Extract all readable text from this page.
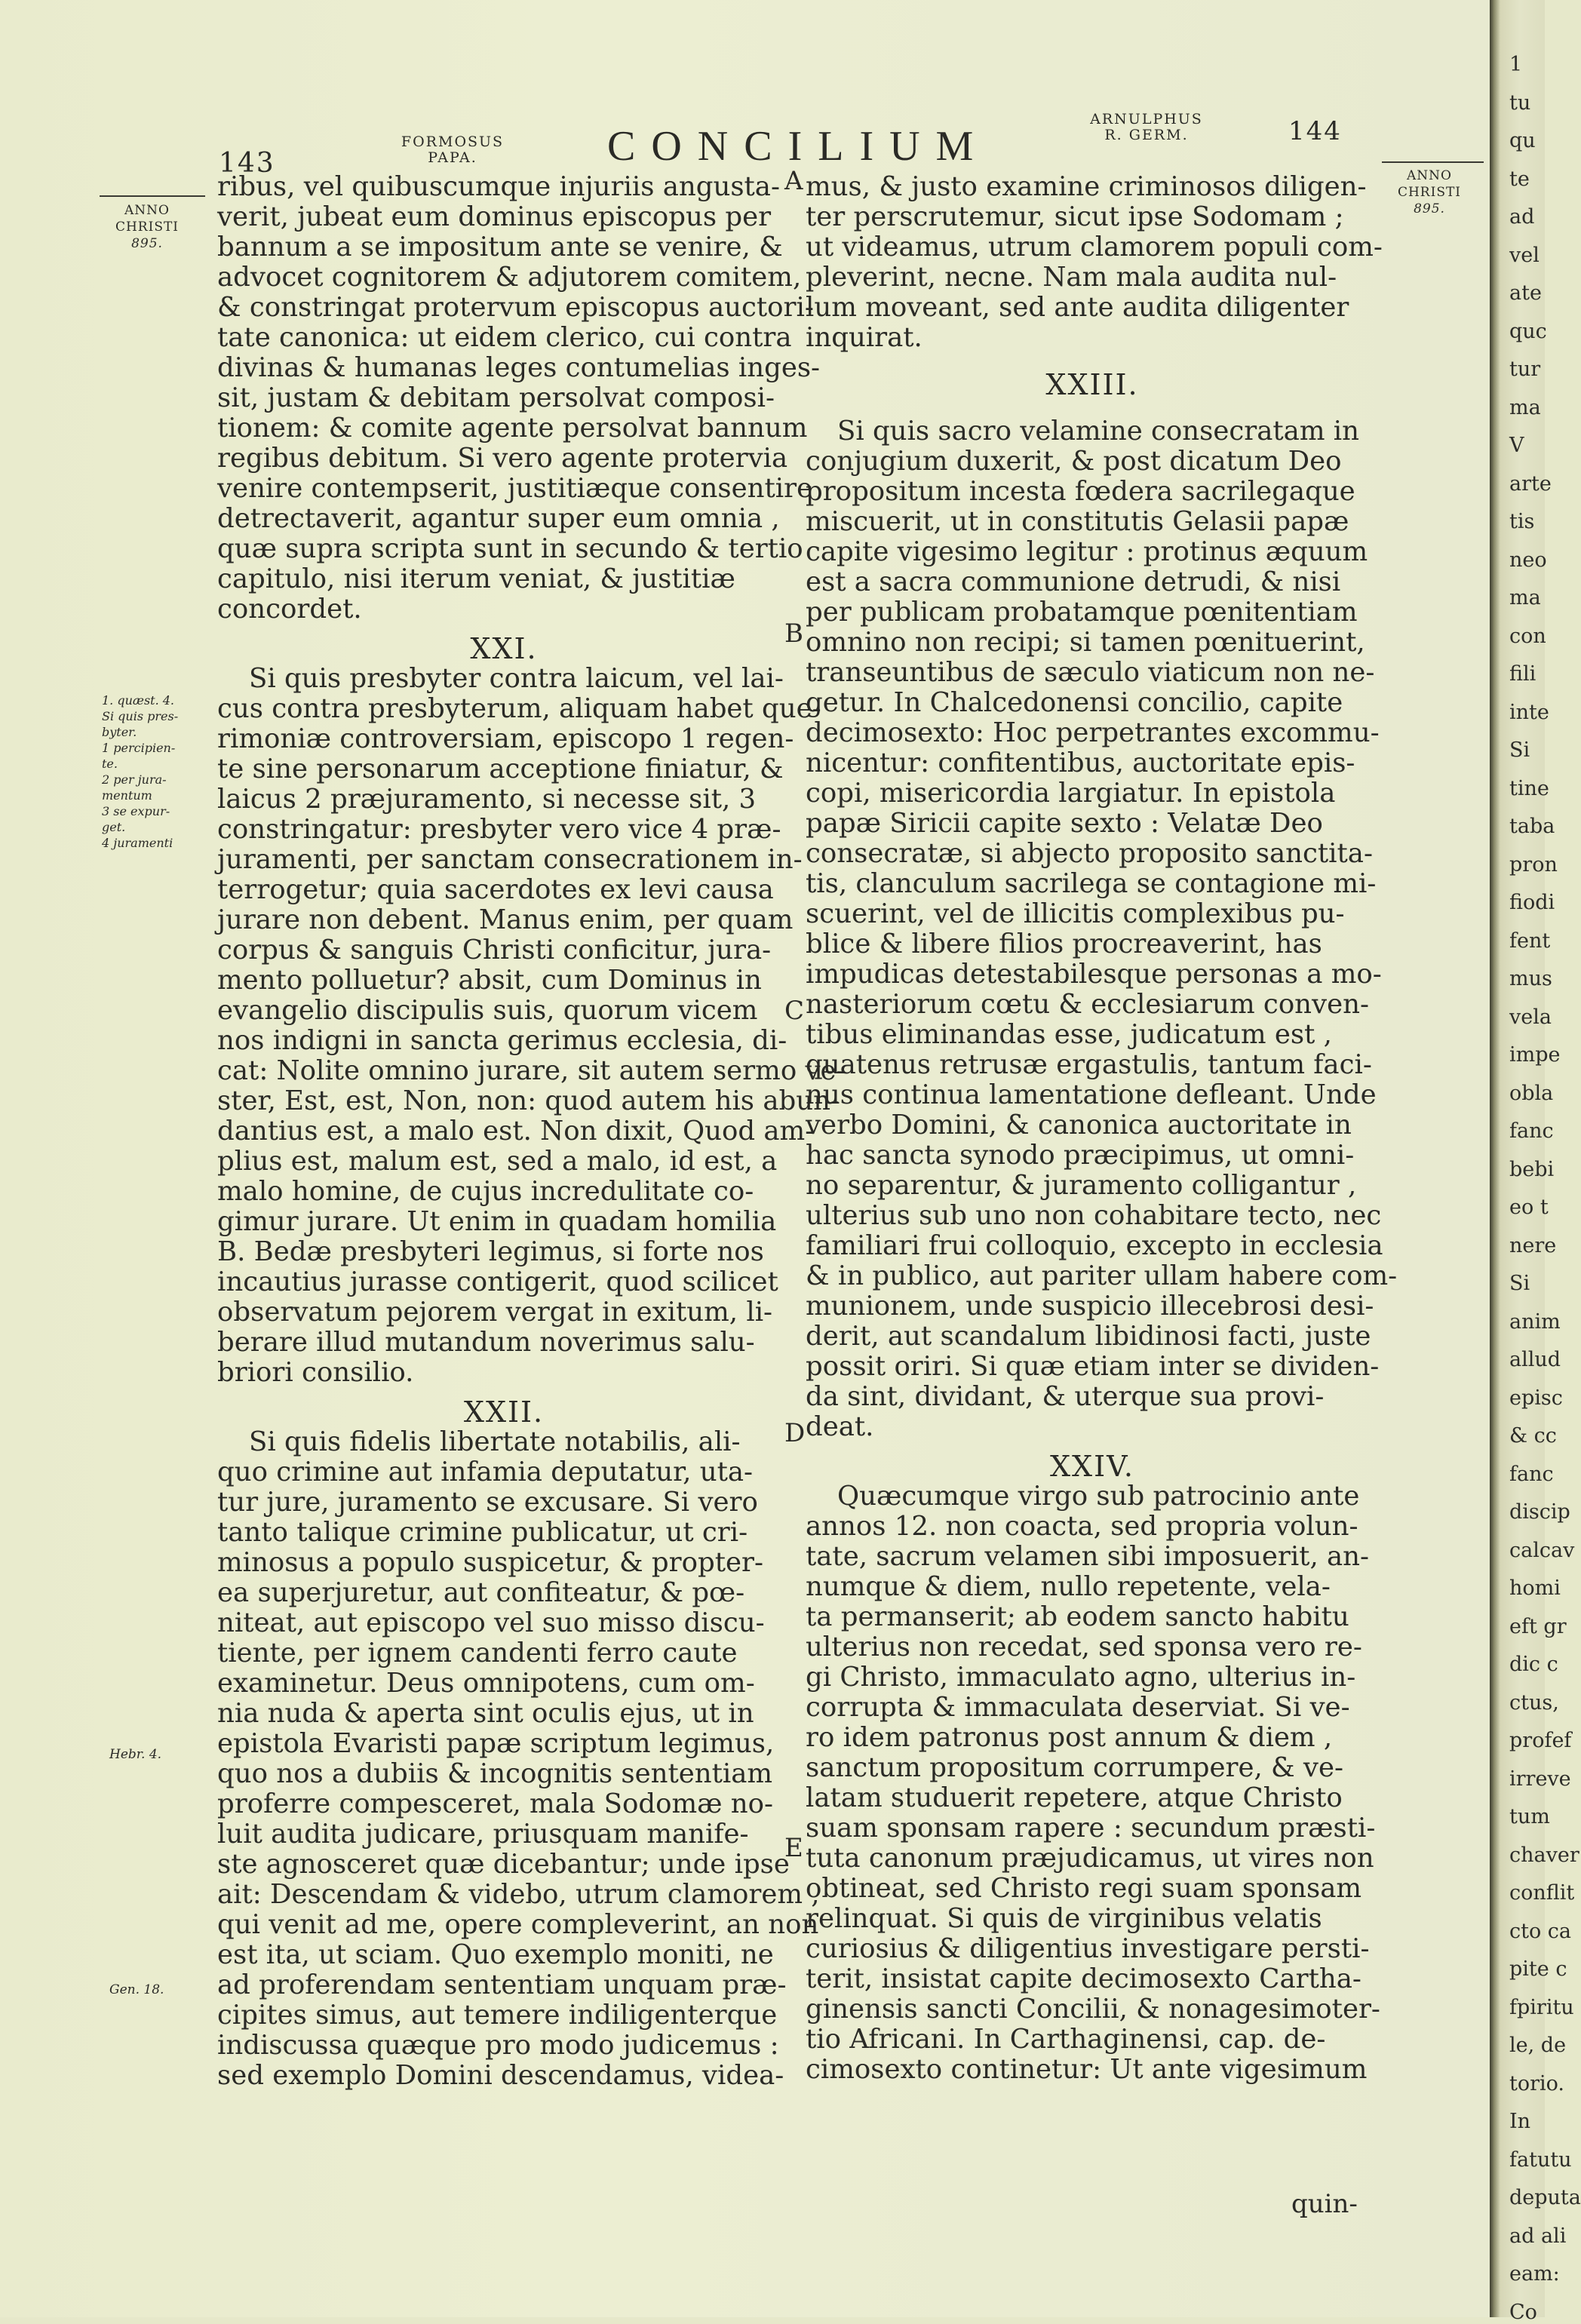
143
FORMOSUS
PAPA.	CONCILIUM
ARNULPHUS
R. GERM.	144
ANNO
CHRISTI
895.
ANNO
CHRISTI
895.
ribus, vel quibuscumque injuriis angusta-
verit, jubeat eum dominus episcopus per
bannum a se impositum ante se venire, &
advocet cognitorem & adjutorem comitem,
& constringat protervum episcopus auctori-
tate canonica: ut eidem clerico, cui contra
divinas & humanas leges contumelias inges-
sit, justam & debitam persolvat composi-
tionem: & comite agente persolvat bannum
regibus debitum. Si vero agente protervia
venire contempserit, justitiæque consentire
detrectaverit, agantur super eum omnia ,
quæ supra scripta sunt in secundo & tertio
capitulo, nisi iterum veniat, & justitiæ
concordet.
XXI.
Si quis presbyter contra laicum, vel lai-
cus contra presbyterum, aliquam habet que-
rimoniæ controversiam, episcopo 1 regen-
te sine personarum acceptione finiatur, &
laicus 2 præjuramento, si necesse sit, 3
constringatur: presbyter vero vice 4 præ-
juramenti, per sanctam consecrationem in-
terrogetur; quia sacerdotes ex levi causa
jurare non debent. Manus enim, per quam
corpus & sanguis Christi conficitur, jura-
mento polluetur? absit, cum Dominus in
evangelio discipulis suis, quorum vicem
nos indigni in sancta gerimus ecclesia, di-
cat: Nolite omnino jurare, sit autem sermo ve-
ster, Est, est, Non, non: quod autem his abun-
dantius est, a malo est. Non dixit, Quod am-
plius est, malum est, sed a malo, id est, a
malo homine, de cujus incredulitate co-
gimur jurare. Ut enim in quadam homilia
B. Bedæ presbyteri legimus, si forte nos
incautius jurasse contigerit, quod scilicet
observatum pejorem vergat in exitum, li-
berare illud mutandum noverimus salu-
briori consilio.
XXII.
Si quis fidelis libertate notabilis, ali-
quo crimine aut infamia deputatur, uta-
tur jure, juramento se excusare. Si vero
tanto talique crimine publicatur, ut cri-
minosus a populo suspicetur, & propter-
ea superjuretur, aut confiteatur, & pœ-
niteat, aut episcopo vel suo misso discu-
tiente, per ignem candenti ferro caute
examinetur. Deus omnipotens, cum om-
nia nuda & aperta sint oculis ejus, ut in
epistola Evaristi papæ scriptum legimus,
quo nos a dubiis & incognitis sententiam
proferre compesceret, mala Sodomæ no-
luit audita judicare, priusquam manife-
ste agnosceret quæ dicebantur; unde ipse
ait: Descendam & videbo, utrum clamorem ,
qui venit ad me, opere compleverint, an non
est ita, ut sciam. Quo exemplo moniti, ne
ad proferendam sententiam unquam præ-
cipites simus, aut temere indiligenterque
indiscussa quæque pro modo judicemus :
sed exemplo Domini descendamus, videa-
mus, & justo examine criminosos diligen-
ter perscrutemur, sicut ipse Sodomam ;
ut videamus, utrum clamorem populi com-
pleverint, necne. Nam mala audita nul-
lum moveant, sed ante audita diligenter
inquirat.
XXIII.
Si quis sacro velamine consecratam in
conjugium duxerit, & post dicatum Deo
propositum incesta fœdera sacrilegaque
miscuerit, ut in constitutis Gelasii papæ
capite vigesimo legitur : protinus æquum
est a sacra communione detrudi, & nisi
per publicam probatamque pœnitentiam
omnino non recipi; si tamen pœnituerint,
transeuntibus de sæculo viaticum non ne-
getur. In Chalcedonensi concilio, capite
decimosexto: Hoc perpetrantes excommu-
nicentur: confitentibus, auctoritate epis-
copi, misericordia largiatur. In epistola
papæ Siricii capite sexto : Velatæ Deo
consecratæ, si abjecto proposito sanctita-
tis, clanculum sacrilega se contagione mi-
scuerint, vel de illicitis complexibus pu-
blice & libere filios procreaverint, has
impudicas detestabilesque personas a mo-
nasteriorum cœtu & ecclesiarum conven-
tibus eliminandas esse, judicatum est ,
quatenus retrusæ ergastulis, tantum faci-
nus continua lamentatione defleant. Unde
verbo Domini, & canonica auctoritate in
hac sancta synodo præcipimus, ut omni-
no separentur, & juramento colligantur ,
ulterius sub uno non cohabitare tecto, nec
familiari frui colloquio, excepto in ecclesia
& in publico, aut pariter ullam habere com-
munionem, unde suspicio illecebrosi desi-
derit, aut scandalum libidinosi facti, juste
possit oriri. Si quæ etiam inter se dividen-
da sint, dividant, & uterque sua provi-
deat.
XXIV.
Quæcumque virgo sub patrocinio ante
annos 12. non coacta, sed propria volun-
tate, sacrum velamen sibi imposuerit, an-
numque & diem, nullo repetente, vela-
ta permanserit; ab eodem sancto habitu
ulterius non recedat, sed sponsa vero re-
gi Christo, immaculato agno, ulterius in-
corrupta & immaculata deserviat. Si ve-
ro idem patronus post annum & diem ,
sanctum propositum corrumpere, & ve-
latam studuerit repetere, atque Christo
suam sponsam rapere : secundum præsti-
tuta canonum præjudicamus, ut vires non
obtineat, sed Christo regi suam sponsam
relinquat. Si quis de virginibus velatis
curiosius & diligentius investigare persti-
terit, insistat capite decimosexto Cartha-
ginensis sancti Concilii, & nonagesimoter-
tio Africani. In Carthaginensi, cap. de-
cimosexto continetur: Ut ante vigesimum
quin-
A
B
C
D
E
1. quæst. 4.
Si quis pres-
byter.
1 percipien-
te.
2 per jura-
mentum
3 se expur-
get.
4 juramenti
Hebr. 4.
Gen. 18.
1
tu
qu
te
ad
vel
ate
quc
tur
ma
V
arte
tis
neo
ma
con
fili
inte
Si
tine
taba
pron
fiodi
fent
mus
vela
impe
obla
fanc
bebi
eo t
nere
Si
anim
allud
episc
& cc
fanc
discip
calcav
homi
eft gr
dic c
ctus,
profef
irreve
tum
chaver
conflit
cto ca
pite c
fpiritu
le, de
torio.
In
fatutu
deputa
ad ali
eam:
Co
